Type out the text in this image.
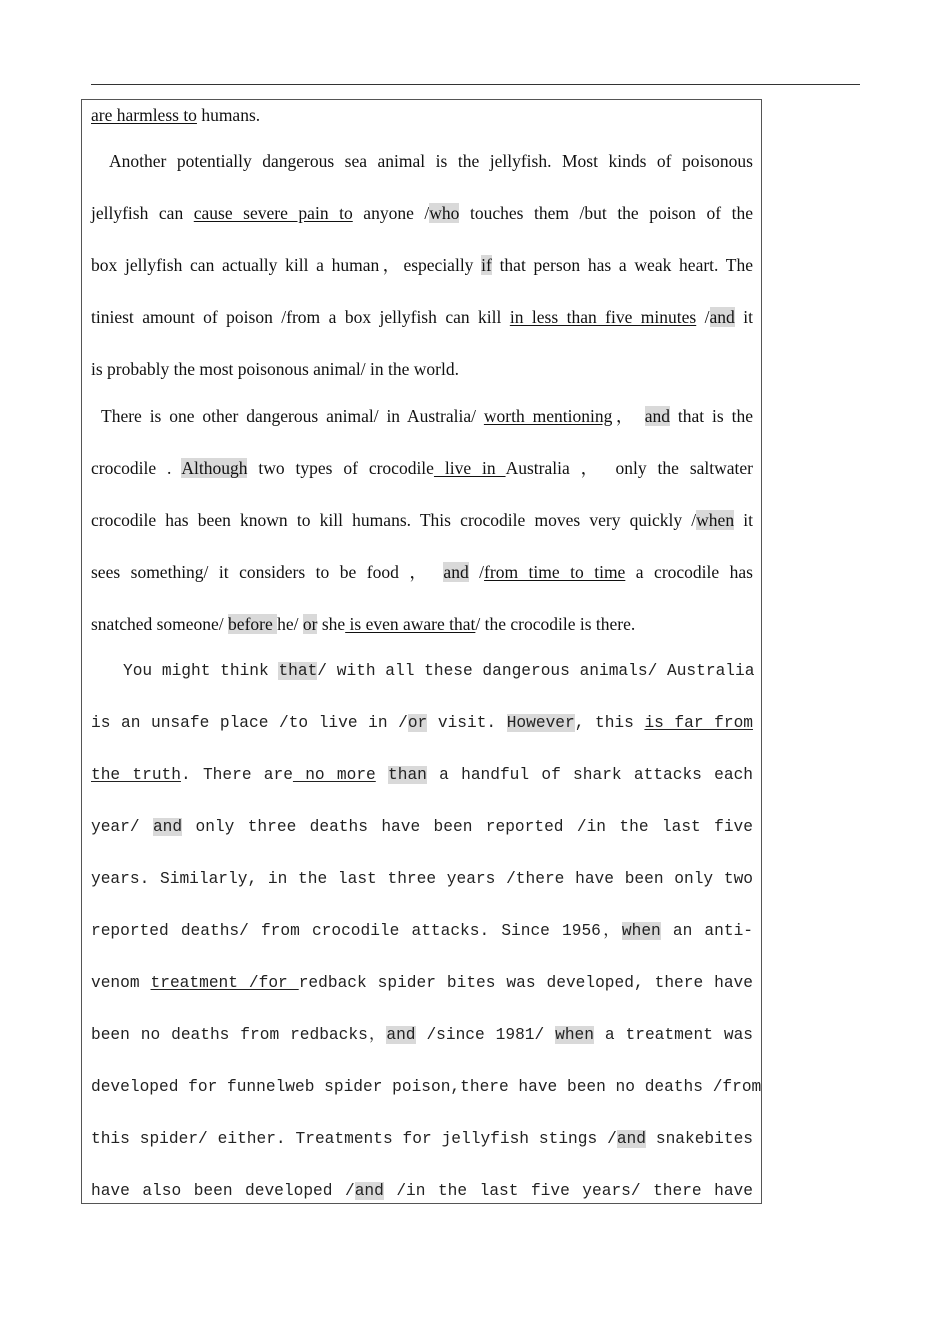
are harmless to humans.
Another potentially dangerous sea animal is the jellyfish. Most kinds of poisonous
jellyfish can cause severe pain to anyone /who touches them /but the poison of the
box jellyfish can actually kill a human，especially if that person has a weak heart. The
tiniest amount of poison /from a box jellyfish can kill in less than five minutes /and it
is probably the most poisonous animal/ in the world.
There is one other dangerous animal/ in Australia/ worth mentioning， and that is the
crocodile . Although two types of crocodile live in Australia ， only the saltwater
crocodile has been known to kill humans. This crocodile moves very quickly /when it
sees something/ it considers to be food ， and /from time to time a crocodile has
snatched someone/ before he/ or she is even aware that/ the crocodile is there.
You might think that/ with all these dangerous animals/ Australia
is an unsafe place /to live in /or visit. However, this is far from
the truth. There are no more than a handful of shark attacks each
year/ and only three deaths have been reported /in the last five
years. Similarly, in the last three years /there have been only two
reported deaths/ from crocodile attacks. Since 1956，when an anti-
venom treatment /for redback spider bites was developed, there have
been no deaths from redbacks，and /since 1981/ when a treatment was
developed for funnelweb spider poison,there have been no deaths /from
this spider/ either. Treatments for jellyfish stings /and snakebites
have also been developed /and /in the last five years/ there have
